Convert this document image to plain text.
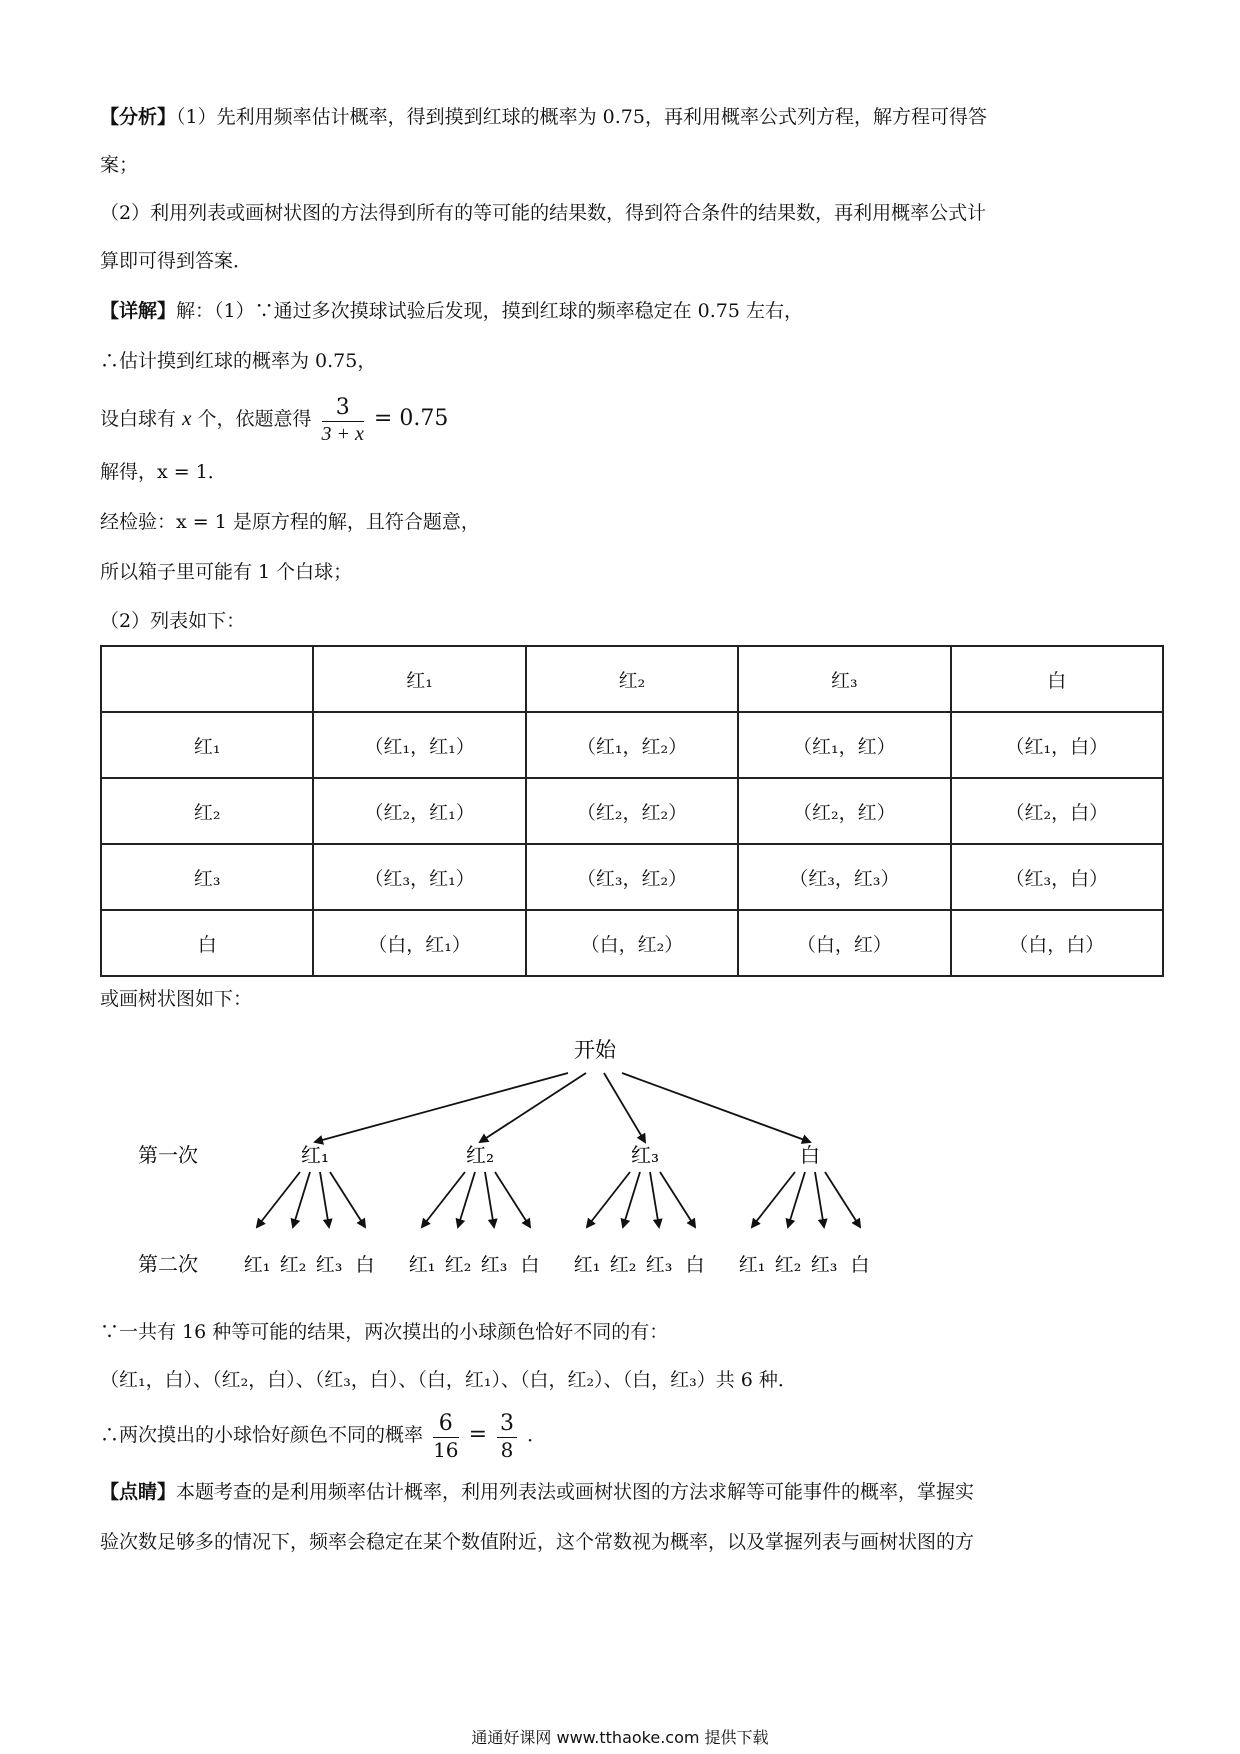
【分析】（1）先利用频率估计概率，得到摸到红球的概率为 0.75，再利用概率公式列方程，解方程可得答
案；
（2）利用列表或画树状图的方法得到所有的等可能的结果数，得到符合条件的结果数，再利用概率公式计
算即可得到答案．
【详解】解：（1）∵通过多次摸球试验后发现，摸到红球的频率稳定在 0.75 左右，
∴估计摸到红球的概率为 0.75，
设白球有 x 个，依题意得 $\frac{3}{3 + x} = 0.75$
解得，x = 1．
经检验：x = 1 是原方程的解，且符合题意，
所以箱子里可能有 1 个白球；
（2）列表如下：
	红₁	红₂	红₃	白
红₁	（红₁，红₁）	（红₁，红₂）	（红₁，红）	（红₁，白）
红₂	（红₂，红₁）	（红₂，红₂）	（红₂，红）	（红₂，白）
红₃	（红₃，红₁）	（红₃，红₂）	（红₃，红₃）	（红₃，白）
白	（白，红₁）	（白，红₂）	（白，红）	（白，白）
或画树状图如下：
开始
第一次
第二次
红₁
红₁ 红₂ 红₃ 白
红₂
红₁ 红₂ 红₃ 白
红₃
红₁ 红₂ 红₃ 白
白
红₁ 红₂ 红₃ 白
∵一共有 16 种等可能的结果，两次摸出的小球颜色恰好不同的有：
（红₁，白）、（红₂，白）、（红₃，白）、（白，红₁）、（白，红₂）、（白，红₃）共 6 种．
∴两次摸出的小球恰好颜色不同的概率 $\frac{6}{16} = \frac{3}{8}$ ．
【点睛】本题考查的是利用频率估计概率，利用列表法或画树状图的方法求解等可能事件的概率，掌握实
验次数足够多的情况下，频率会稳定在某个数值附近，这个常数视为概率，以及掌握列表与画树状图的方
通通好课网 www.tthaoke.com 提供下载
